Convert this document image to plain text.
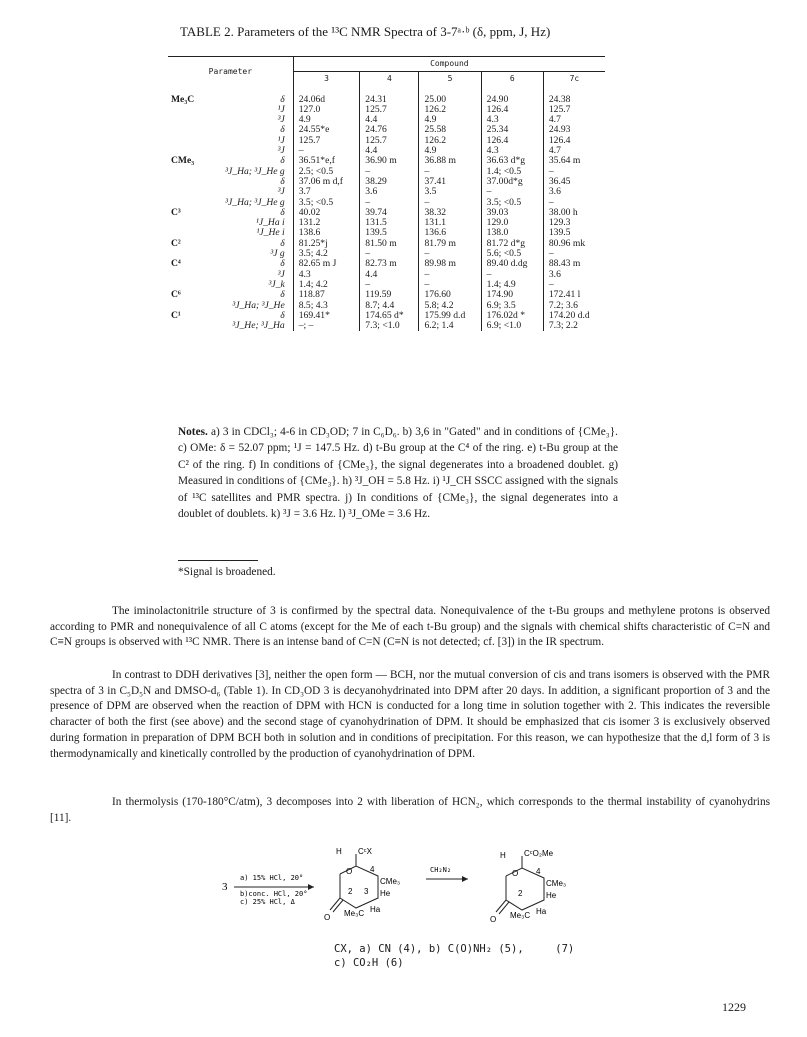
TABLE 2. Parameters of the ¹³C NMR Spectra of 3-7ᵃ·ᵇ (δ, ppm, J, Hz)
Parameter		Compound				
		3	4	5	6	7c
Me₃C	δ	24.06d	24.31	25.00	24.90	24.38
	¹J	127.0	125.7	126.2	126.4	125.7
	³J	4.9	4.4	4.9	4.3	4.7
	δ	24.55*e	24.76	25.58	25.34	24.93
	¹J	125.7	125.7	126.2	126.4	126.4
	³J	–	4.4	4.9	4.3	4.7
CMe₃	δ	36.51*e,f	36.90 m	36.88 m	36.63 d*g	35.64 m
	³J_Ha; ³J_He g	2.5; <0.5	–	–	1.4; <0.5	–
	δ	37.06 m d,f	38.29	37.41	37.00d*g	36.45
	³J	3.7	3.6	3.5	–	3.6
	³J_Ha; ³J_He g	3.5; <0.5	–	–	3.5; <0.5	–
C³	δ	40.02	39.74	38.32	39.03	38.00 h
	¹J_Ha i	131.2	131.5	131.1	129.0	129.3
	¹J_He i	138.6	139.5	136.6	138.0	139.5
C²	δ	81.25*j	81.50 m	81.79 m	81.72 d*g	80.96 mk
	³J g	3.5; 4.2	–	–	5.6; <0.5	–
C⁴	δ	82.65 m J	82.73 m	89.98 m	89.40 d.dg	88.43 m
	³J	4.3	4.4	–	–	3.6
	³J_k	1.4; 4.2	–	–	1.4; 4.9	–
C⁶	δ	118.87	119.59	176.60	174.90	172.41 l
	³J_Ha; ³J_He	8.5; 4.3	8.7; 4.4	5.8; 4.2	6.9; 3.5	7.2; 3.6
C¹	δ	169.41*	174.65 d*	175.99 d.d	176.02d *	174.20 d.d
	³J_He; ³J_Ha	–; –	7.3; <1.0	6.2; 1.4	6.9; <1.0	7.3; 2.2
Notes. a) 3 in CDCl₃; 4-6 in CD₃OD; 7 in C₆D₆. b) 3,6 in "Gated" and in conditions of {CMe₃}. c) OMe: δ = 52.07 ppm; ¹J = 147.5 Hz. d) t-Bu group at the C⁴ of the ring. e) t-Bu group at the C² of the ring. f) In conditions of {CMe₃}, the signal degenerates into a broadened doublet. g) Measured in conditions of {CMe₃}. h) ³J_OH = 5.8 Hz. i) ¹J_CH SSCC assigned with the signals of ¹³C satellites and PMR spectra. j) In conditions of {CMe₃}, the signal degenerates into a doublet of doublets. k) ³J = 3.6 Hz. l) ³J_OMe = 3.6 Hz.
*Signal is broadened.
The iminolactonitrile structure of 3 is confirmed by the spectral data. Nonequivalence of the t-Bu groups and methylene protons is observed according to PMR and nonequivalence of all C atoms (except for the Me of each t-Bu group) and the signals with chemical shifts characteristic of C=N and C≡N groups is observed with ¹³C NMR. There is an intense band of C=N (C≡N is not detected; cf. [3]) in the IR spectrum.
In contrast to DDH derivatives [3], neither the open form — BCH, nor the mutual conversion of cis and trans isomers is observed with the PMR spectra of 3 in C₅D₅N and DMSO-d₆ (Table 1). In CD₃OD 3 is decyanohydrinated into DPM after 20 days. In addition, a significant proportion of 3 and the presence of DPM are observed when the reaction of DPM with HCN is conducted for a long time in solution together with 2. This indicates the reversible character of both the first (see above) and the second stage of cyanohydrination of DPM. It should be emphasized that cis isomer 3 is exclusively observed during formation in preparation of DPM BCH both in solution and in conditions of precipitation. For this reason, we can hypothesize that the d,l form of 3 is thermodynamically and kinetically controlled by the production of cyanohydrination of DPM.
In thermolysis (170-180°C/atm), 3 decomposes into 2 with liberation of HCN₂, which corresponds to the thermal instability of cyanohydrins [11].
3
a) 15% HCl, 20°
b)conc. HCl, 20°
c) 25% HCl, Δ
CᶜX
H
O
CMe₃
He
Ha
Me₃C
O
4
3
2
CH₂N₂
CᶜO₂Me
H
O
CMe₃
He
Ha
Me₃C
O
4
2
CX, a) CN (4), b) C(O)NH₂ (5),     (7)
c) CO₂H (6)
1229
